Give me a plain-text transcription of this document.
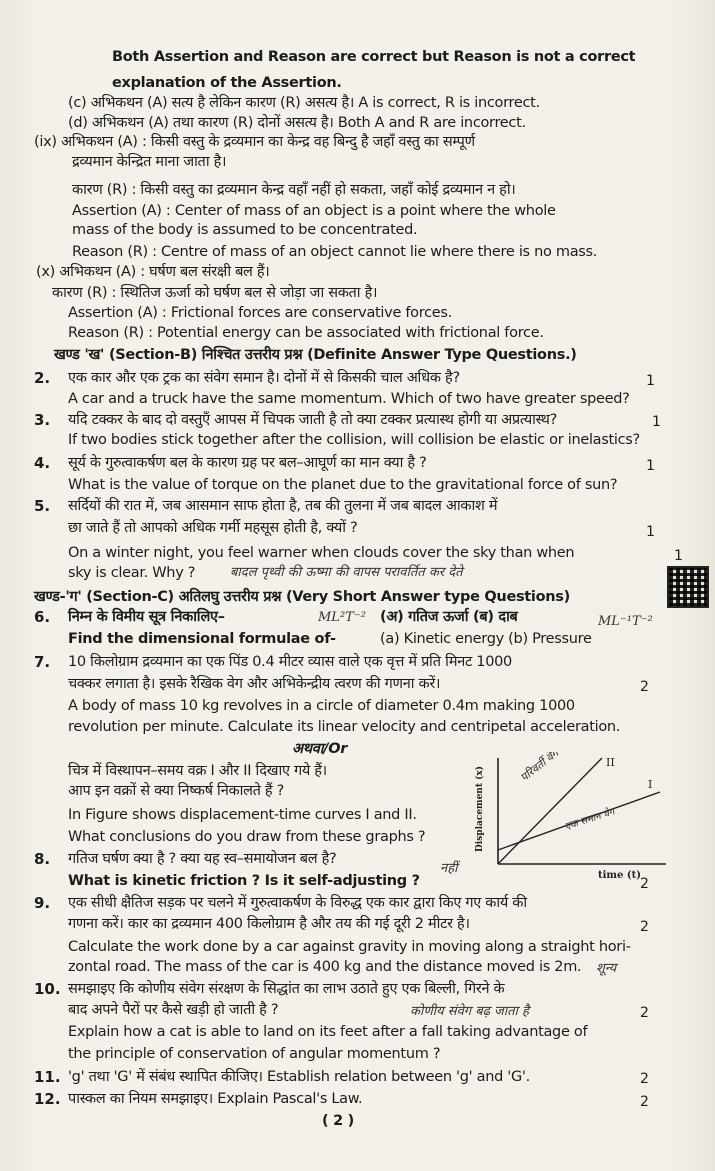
Both Assertion and Reason are correct but Reason is not a correct
explanation of the Assertion.
(c) अभिकथन (A) सत्य है लेकिन कारण (R) असत्य है। A is correct, R is incorrect.
(d) अभिकथन (A) तथा कारण (R) दोनों असत्य है। Both A and R are incorrect.
(ix) अभिकथन (A) : किसी वस्तु के द्रव्यमान का केन्द्र वह बिन्दु है जहाँ वस्तु का सम्पूर्ण
द्रव्यमान केन्द्रित माना जाता है।
कारण (R) : किसी वस्तु का द्रव्यमान केन्द्र वहाँ नहीं हो सकता, जहाँ कोई द्रव्यमान न हो।
Assertion (A) : Center of mass of an object is a point where the whole
mass of the body is assumed to be concentrated.
Reason (R) : Centre of mass of an object cannot lie where there is no mass.
(x) अभिकथन (A) : घर्षण बल संरक्षी बल हैं।
कारण (R) : स्थितिज ऊर्जा को घर्षण बल से जोड़ा जा सकता है।
Assertion (A) : Frictional forces are conservative forces.
Reason (R) : Potential energy can be associated with frictional force.
खण्ड 'ख' (Section-B) निश्चित उत्तरीय प्रश्न (Definite Answer Type Questions.)
2. एक कार और एक ट्रक का संवेग समान है। दोनों में से किसकी चाल अधिक है?	1
A car and a truck have the same momentum. Which of two have greater speed?
3. यदि टक्कर के बाद दो वस्तुएँ आपस में चिपक जाती है तो क्या टक्कर प्रत्यास्थ होगी या अप्रत्यास्थ?	1
If two bodies stick together after the collision, will collision be elastic or inelastics?
4. सूर्य के गुरुत्वाकर्षण बल के कारण ग्रह पर बल–आघूर्ण का मान क्या है ?	1
What is the value of torque on the planet due to the gravitational force of sun?
5. सर्दियों की रात में, जब आसमान साफ होता है, तब की तुलना में जब बादल आकाश में
छा जाते हैं तो आपको अधिक गर्मी महसूस होती है, क्यों ?	1
On a winter night, you feel warner when clouds cover the sky than when	1
sky is clear. Why ?	बादल पृथ्वी की ऊष्मा की वापस परावर्तित कर देते
खण्ड-'ग' (Section-C) अतिलघु उत्तरीय प्रश्न (Very Short Answer type Questions)
6. निम्न के विमीय सूत्र निकालिए–	ML²T⁻² (अ) गतिज ऊर्जा (ब) दाब	ML⁻¹T⁻²
Find the dimensional formulae of-	(a) Kinetic energy (b) Pressure
7. 10 किलोग्राम द्रव्यमान का एक पिंड 0.4 मीटर व्यास वाले एक वृत्त में प्रति मिनट 1000
चक्कर लगाता है। इसके रैखिक वेग और अभिकेन्द्रीय त्वरण की गणना करें।	2
A body of mass 10 kg revolves in a circle of diameter 0.4m making 1000
revolution per minute. Calculate its linear velocity and centripetal acceleration.
अथवा/Or
चित्र में विस्थापन–समय वक्र I और II दिखाए गये हैं।
आप इन वक्रों से क्या निष्कर्ष निकालते हैं ?
In Figure shows displacement-time curves I and II.
What conclusions do you draw from these graphs ?
II
I
Displacement (x)
time (t)
परिवर्ती वेग
एक समान वेग
8. गतिज घर्षण क्या है ? क्या यह स्व–समायोजन बल है?
नहीं
What is kinetic friction ? Is it self-adjusting ?	2
9. एक सीधी क्षैतिज सड़क पर चलने में गुरुत्वाकर्षण के विरुद्ध एक कार द्वारा किए गए कार्य की
गणना करें। कार का द्रव्यमान 400 किलोग्राम है और तय की गई दूरी 2 मीटर है।	2
Calculate the work done by a car against gravity in moving along a straight hori-
zontal road. The mass of the car is 400 kg and the distance moved is 2m. शून्य
10. समझाइए कि कोणीय संवेग संरक्षण के सिद्धांत का लाभ उठाते हुए एक बिल्ली, गिरने के
बाद अपने पैरों पर कैसे खड़ी हो जाती है ?	कोणीय संवेग बढ़ जाता है	2
Explain how a cat is able to land on its feet after a fall taking advantage of
the principle of conservation of angular momentum ?
11. 'g' तथा 'G' में संबंध स्थापित कीजिए। Establish relation between 'g' and 'G'.	2
12. पास्कल का नियम समझाइए। Explain Pascal's Law.	2
( 2 )
